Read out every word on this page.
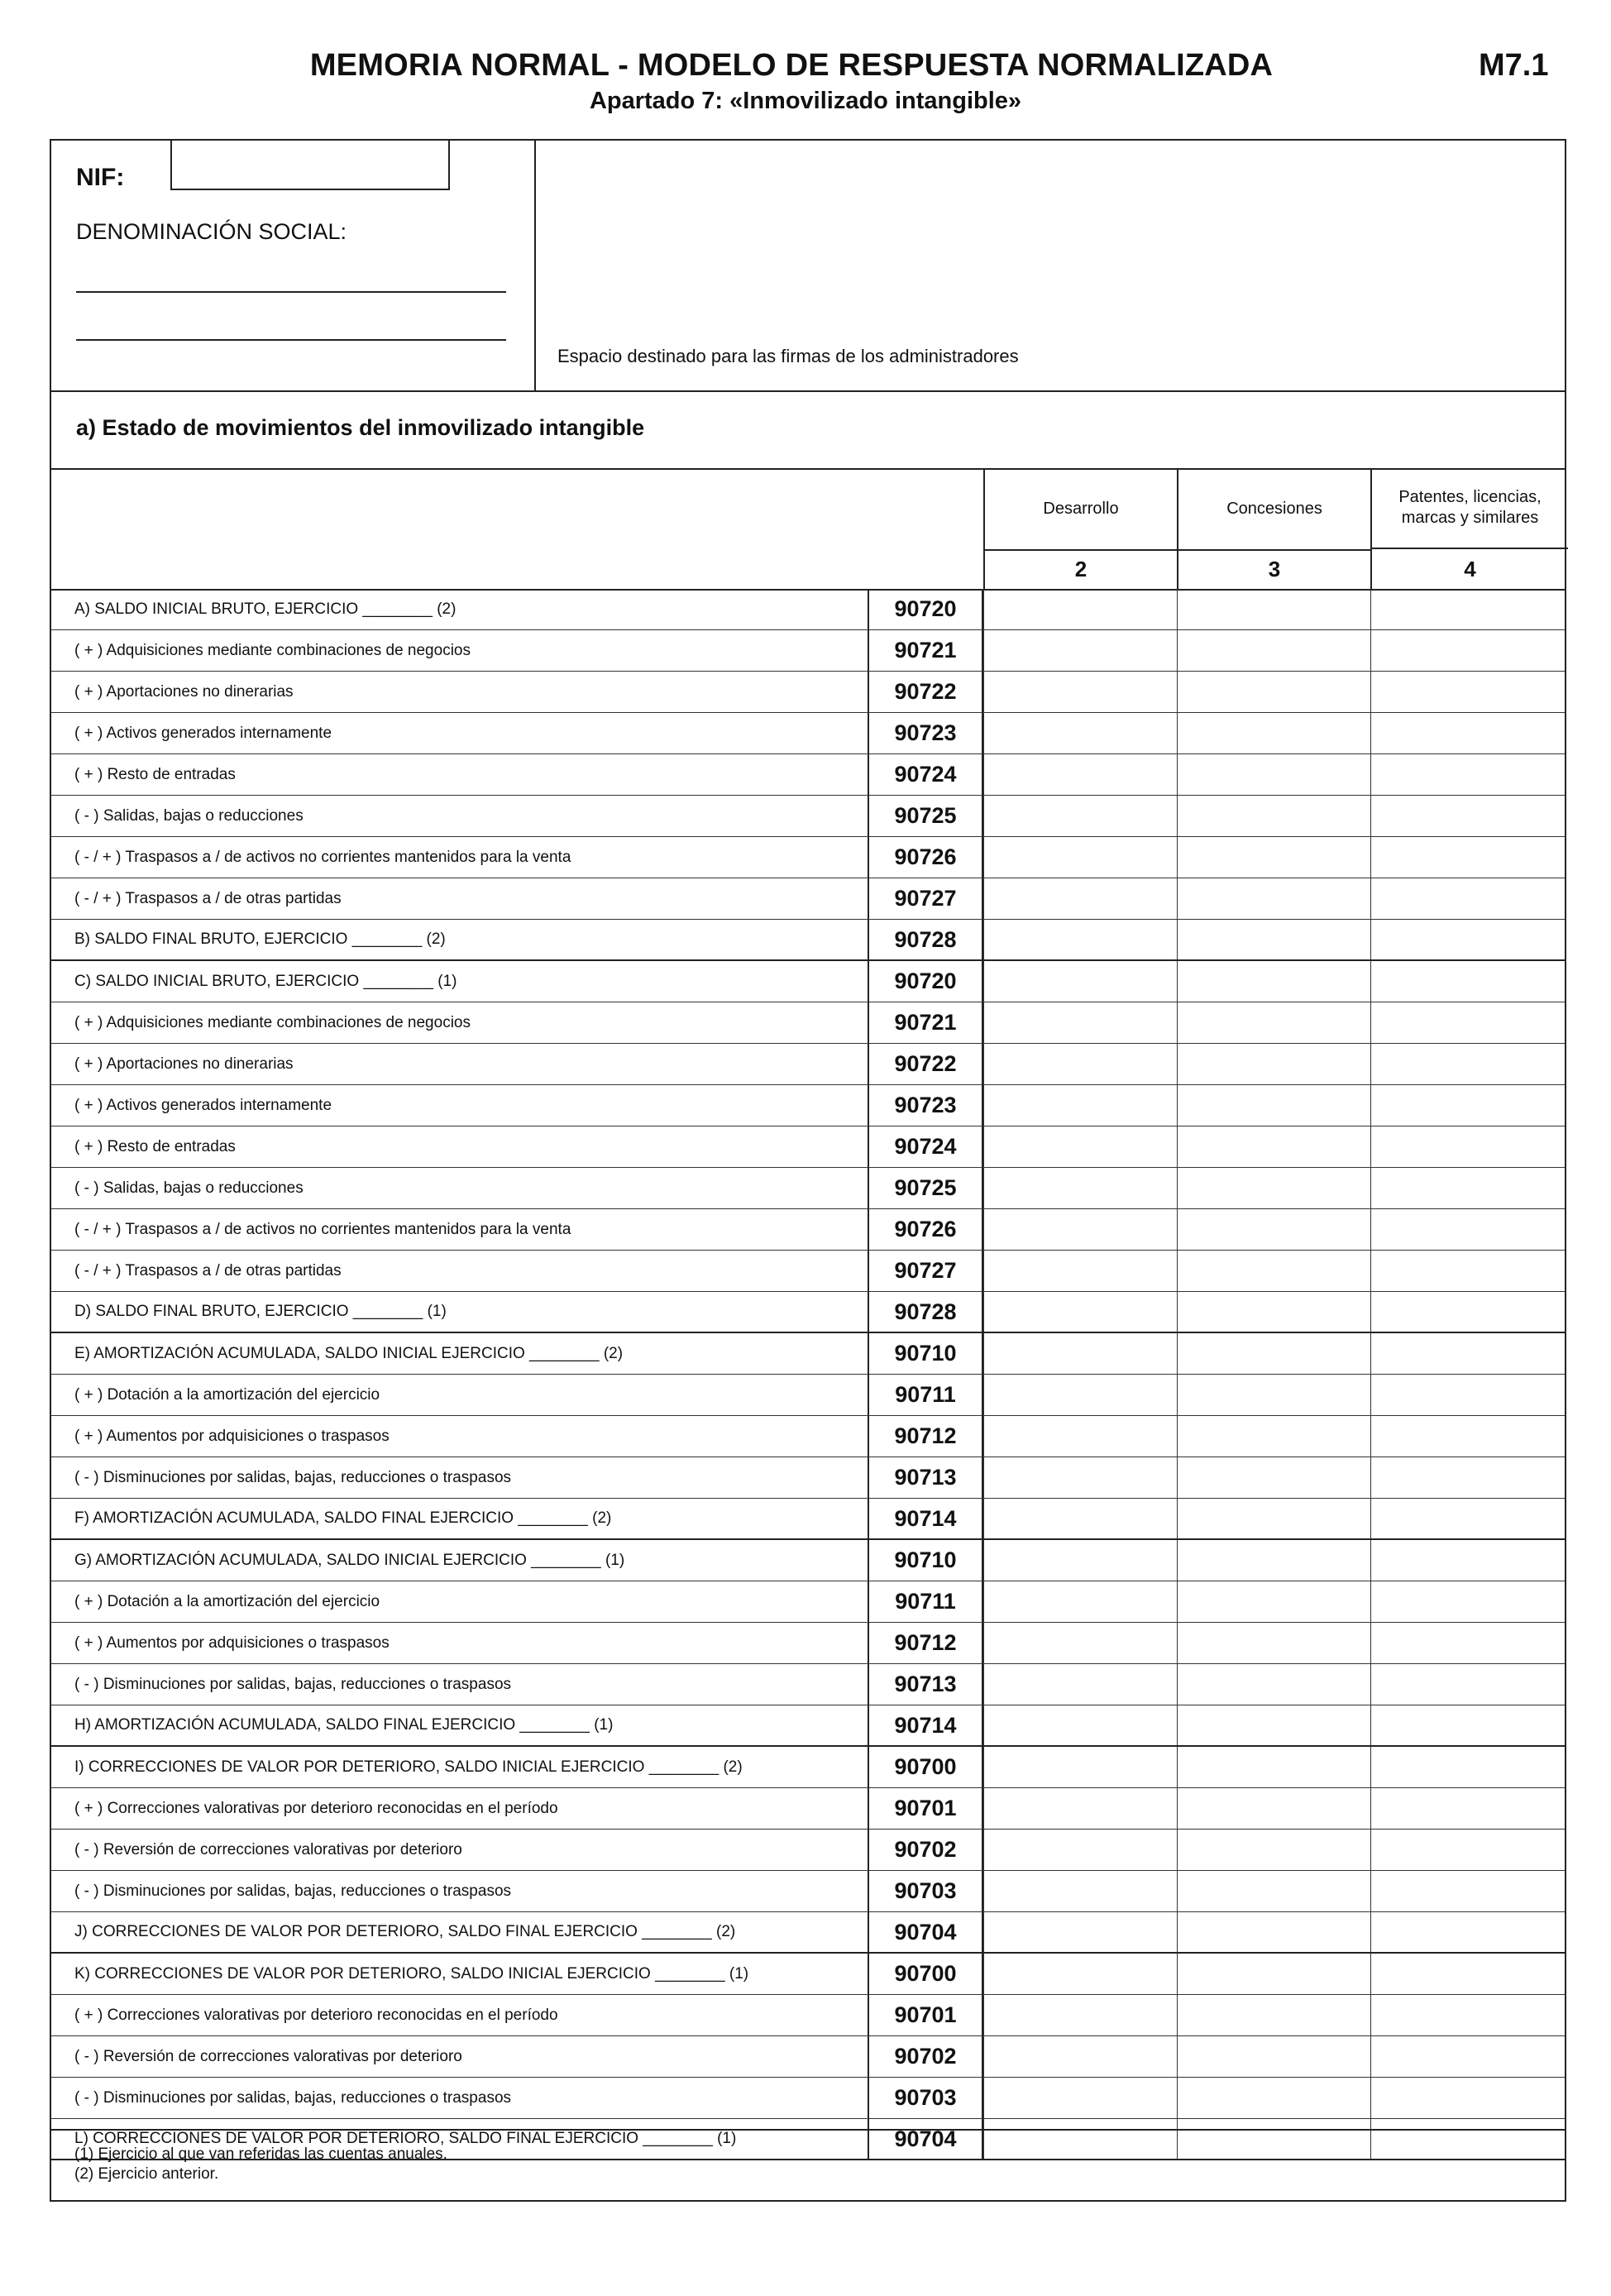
MEMORIA NORMAL - MODELO DE RESPUESTA NORMALIZADA	M7.1
Apartado 7: «Inmovilizado intangible»
NIF:
DENOMINACIÓN SOCIAL:
Espacio destinado para las firmas de los administradores
a) Estado de movimientos del inmovilizado intangible
Desarrollo
2
Concesiones
3
Patentes, licencias, marcas y similares
4
A) SALDO INICIAL BRUTO, EJERCICIO ________ (2)	90720
( + ) Adquisiciones mediante combinaciones de negocios	90721
( + ) Aportaciones no dinerarias	90722
( + ) Activos generados internamente	90723
( + ) Resto de entradas	90724
( - ) Salidas, bajas o reducciones	90725
( - / + ) Traspasos a / de activos no corrientes mantenidos para la venta	90726
( - / + ) Traspasos a / de otras partidas	90727
B) SALDO FINAL BRUTO, EJERCICIO ________ (2)	90728
C) SALDO INICIAL BRUTO, EJERCICIO ________ (1)	90720
( + ) Adquisiciones mediante combinaciones de negocios	90721
( + ) Aportaciones no dinerarias	90722
( + ) Activos generados internamente	90723
( + ) Resto de entradas	90724
( - ) Salidas, bajas o reducciones	90725
( - / + ) Traspasos a / de activos no corrientes mantenidos para la venta	90726
( - / + ) Traspasos a / de otras partidas	90727
D) SALDO FINAL BRUTO, EJERCICIO ________ (1)	90728
E) AMORTIZACIÓN ACUMULADA, SALDO INICIAL EJERCICIO ________ (2)	90710
( + ) Dotación a la amortización del ejercicio	90711
( + ) Aumentos por adquisiciones o traspasos	90712
( - ) Disminuciones por salidas, bajas, reducciones o traspasos	90713
F) AMORTIZACIÓN ACUMULADA, SALDO FINAL EJERCICIO ________ (2)	90714
G) AMORTIZACIÓN ACUMULADA, SALDO INICIAL EJERCICIO ________ (1)	90710
( + ) Dotación a la amortización del ejercicio	90711
( + ) Aumentos por adquisiciones o traspasos	90712
( - ) Disminuciones por salidas, bajas, reducciones o traspasos	90713
H) AMORTIZACIÓN ACUMULADA, SALDO FINAL EJERCICIO ________ (1)	90714
I) CORRECCIONES DE VALOR POR DETERIORO, SALDO INICIAL EJERCICIO ________ (2)	90700
( + ) Correcciones valorativas por deterioro reconocidas en el período	90701
( - ) Reversión de correcciones valorativas por deterioro	90702
( - ) Disminuciones por salidas, bajas, reducciones o traspasos	90703
J) CORRECCIONES DE VALOR POR DETERIORO, SALDO FINAL EJERCICIO ________ (2)	90704
K) CORRECCIONES DE VALOR POR DETERIORO, SALDO INICIAL EJERCICIO ________ (1)	90700
( + ) Correcciones valorativas por deterioro reconocidas en el período	90701
( - ) Reversión de correcciones valorativas por deterioro	90702
( - ) Disminuciones por salidas, bajas, reducciones o traspasos	90703
L) CORRECCIONES DE VALOR POR DETERIORO, SALDO FINAL EJERCICIO ________ (1)	90704
(1) Ejercicio al que van referidas las cuentas anuales.
(2) Ejercicio anterior.
